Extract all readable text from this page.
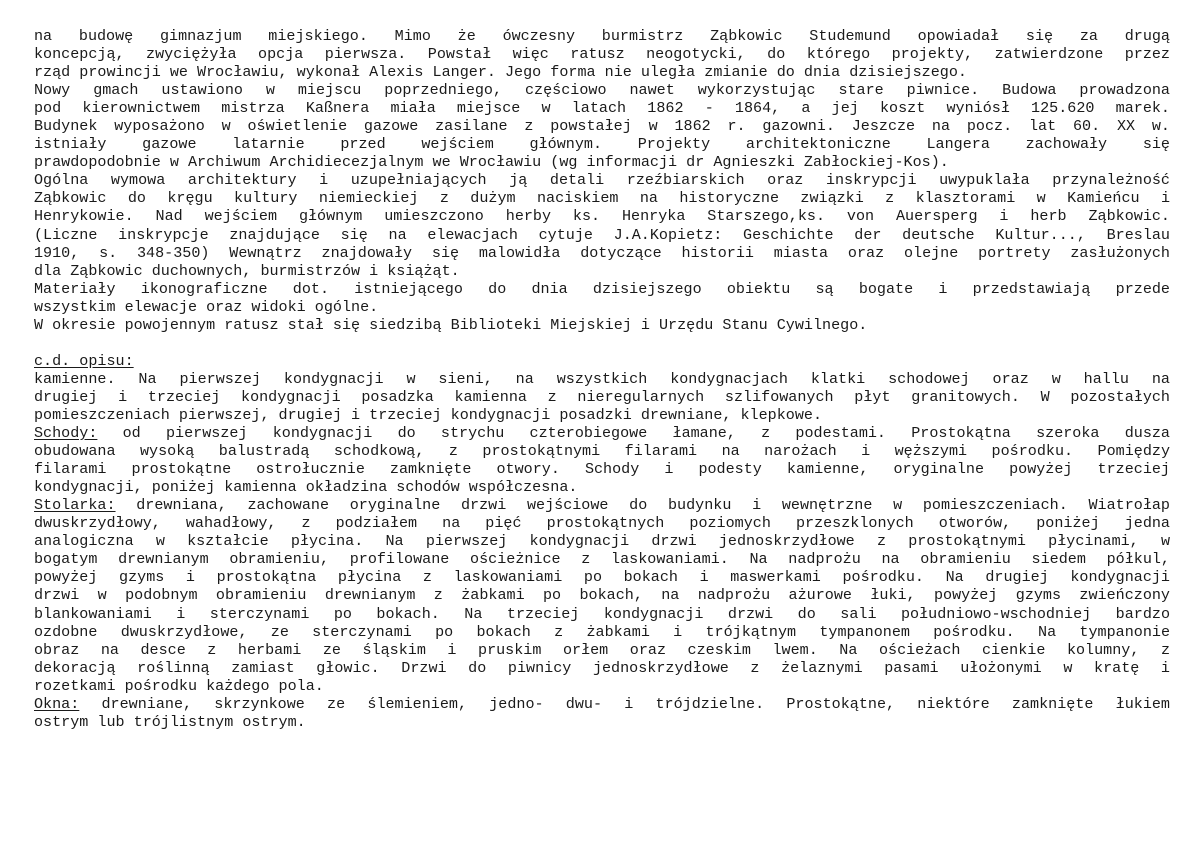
na budowę gimnazjum miejskiego. Mimo że ówczesny burmistrz Ząbkowic Studemund opowiadał się za drugą
koncepcją, zwyciężyła opcja pierwsza. Powstał więc ratusz neogotycki, do którego projekty, zatwierdzone przez
rząd prowincji we Wrocławiu, wykonał Alexis Langer. Jego forma nie uległa zmianie do dnia dzisiejszego.
Nowy gmach ustawiono w miejscu poprzedniego, częściowo nawet wykorzystując stare piwnice. Budowa prowadzona
pod kierownictwem mistrza Kaßnera miała miejsce w latach 1862 - 1864, a jej koszt wyniósł 125.620 marek.
Budynek wyposażono w oświetlenie gazowe zasilane z powstałej w 1862 r. gazowni. Jeszcze na pocz. lat 60. XX w.
istniały gazowe latarnie przed wejściem głównym. Projekty architektoniczne Langera zachowały się
prawdopodobnie w Archiwum Archidiecezjalnym we Wrocławiu (wg informacji dr Agnieszki Zabłockiej-Kos).
Ogólna wymowa architektury i uzupełniających ją detali rzeźbiarskich oraz inskrypcji uwypuklała przynależność
Ząbkowic do kręgu kultury niemieckiej z dużym naciskiem na historyczne związki z klasztorami w Kamieńcu i
Henrykowie. Nad wejściem głównym umieszczono herby ks. Henryka Starszego,ks. von Auersperg i herb Ząbkowic.
(Liczne inskrypcje znajdujące się na elewacjach cytuje J.A.Kopietz: Geschichte der deutsche Kultur..., Breslau
1910, s. 348-350) Wewnątrz znajdowały się malowidła dotyczące historii miasta oraz olejne portrety zasłużonych
dla Ząbkowic duchownych, burmistrzów i książąt.
Materiały ikonograficzne dot. istniejącego do dnia dzisiejszego obiektu są bogate i przedstawiają przede
wszystkim elewacje oraz widoki ogólne.
W okresie powojennym ratusz stał się siedzibą Biblioteki Miejskiej i Urzędu Stanu Cywilnego.
c.d. opisu:
kamienne. Na pierwszej kondygnacji w sieni, na wszystkich kondygnacjach klatki schodowej oraz w hallu na
drugiej i trzeciej kondygnacji posadzka kamienna z nieregularnych szlifowanych płyt granitowych. W pozostałych
pomieszczeniach pierwszej, drugiej i trzeciej kondygnacji posadzki drewniane, klepkowe.
Schody: od pierwszej kondygnacji do strychu czterobiegowe łamane, z podestami. Prostokątna szeroka dusza
obudowana wysoką balustradą schodkową, z prostokątnymi filarami na narożach i węższymi pośrodku. Pomiędzy
filarami prostokątne ostrołucznie zamknięte otwory. Schody i podesty kamienne, oryginalne powyżej trzeciej
kondygnacji, poniżej kamienna okładzina schodów współczesna.
Stolarka: drewniana, zachowane oryginalne drzwi wejściowe do budynku i wewnętrzne w pomieszczeniach. Wiatrołap
dwuskrzydłowy, wahadłowy, z podziałem na pięć prostokątnych poziomych przeszklonych otworów, poniżej jedna
analogiczna w kształcie płycina. Na pierwszej kondygnacji drzwi jednoskrzydłowe z prostokątnymi płycinami, w
bogatym drewnianym obramieniu, profilowane ościeżnice z laskowaniami. Na nadprożu na obramieniu siedem półkul,
powyżej gzyms i prostokątna płycina z laskowaniami po bokach i maswerkami pośrodku. Na drugiej kondygnacji
drzwi w podobnym obramieniu drewnianym z żabkami po bokach, na nadprożu ażurowe łuki, powyżej gzyms zwieńczony
blankowaniami i sterczynami po bokach. Na trzeciej kondygnacji drzwi do sali południowo-wschodniej bardzo
ozdobne dwuskrzydłowe, ze sterczynami po bokach z żabkami i trójkątnym tympanonem pośrodku. Na tympanonie
obraz na desce z herbami ze śląskim i pruskim orłem oraz czeskim lwem. Na ościeżach cienkie kolumny, z
dekoracją roślinną zamiast głowic. Drzwi do piwnicy jednoskrzydłowe z żelaznymi pasami ułożonymi w kratę i
rozetkami pośrodku każdego pola.
Okna: drewniane, skrzynkowe ze ślemieniem, jedno- dwu- i trójdzielne. Prostokątne, niektóre zamknięte łukiem
ostrym lub trójlistnym ostrym.
